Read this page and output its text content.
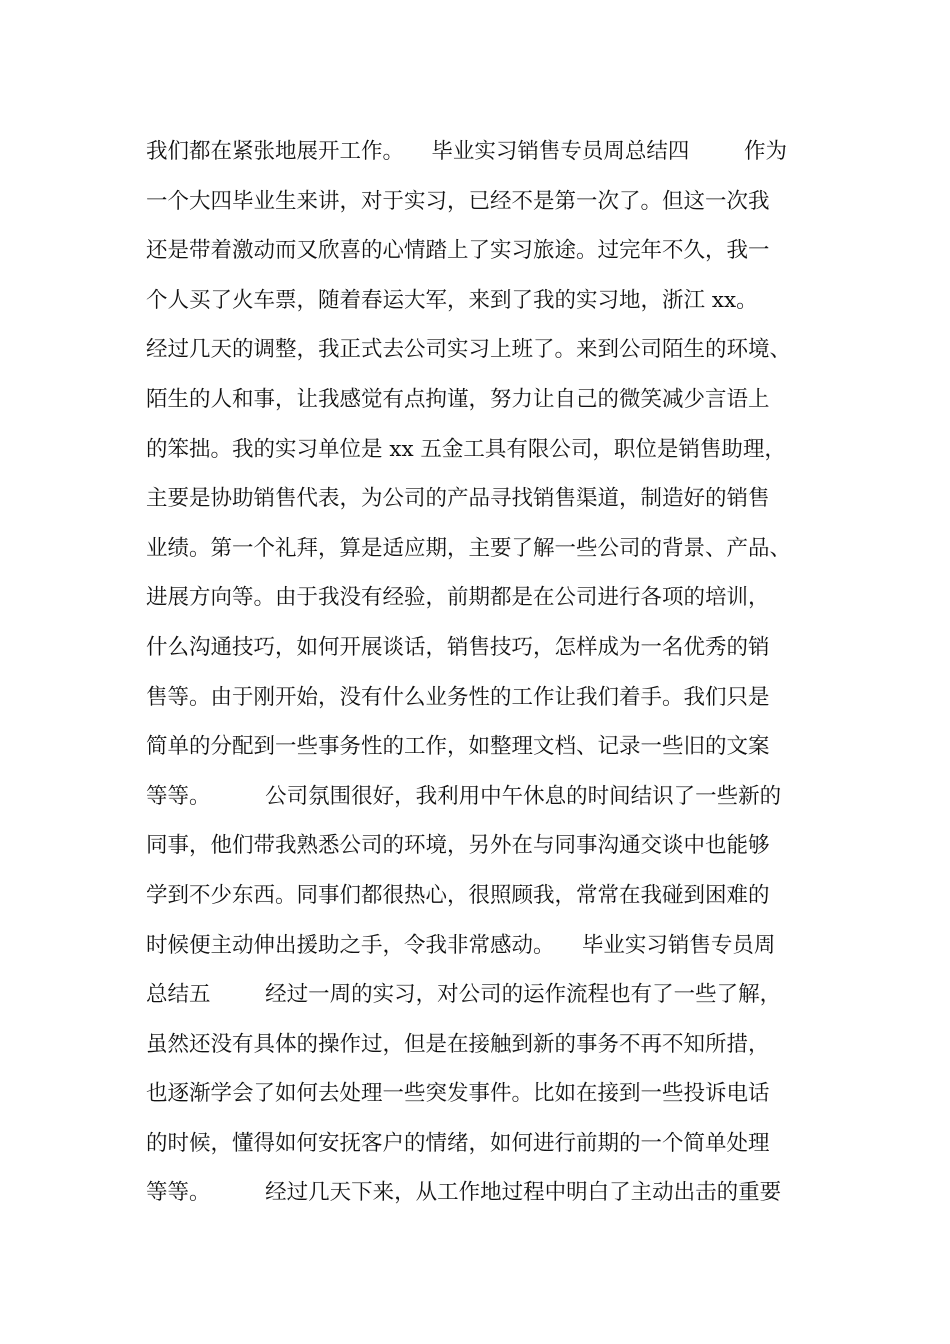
我们都在紧张地展开工作。    毕业实习销售专员周总结四        作为
一个大四毕业生来讲，对于实习，已经不是第一次了。但这一次我
还是带着激动而又欣喜的心情踏上了实习旅途。过完年不久，我一
个人买了火车票，随着春运大军，来到了我的实习地，浙江 xx。
经过几天的调整，我正式去公司实习上班了。来到公司陌生的环境、
陌生的人和事，让我感觉有点拘谨，努力让自己的微笑减少言语上
的笨拙。我的实习单位是 xx 五金工具有限公司，职位是销售助理，
主要是协助销售代表，为公司的产品寻找销售渠道，制造好的销售
业绩。第一个礼拜，算是适应期，主要了解一些公司的背景、产品、
进展方向等。由于我没有经验，前期都是在公司进行各项的培训，
什么沟通技巧，如何开展谈话，销售技巧，怎样成为一名优秀的销
售等。由于刚开始，没有什么业务性的工作让我们着手。我们只是
简单的分配到一些事务性的工作，如整理文档、记录一些旧的文案
等等。        公司氛围很好，我利用中午休息的时间结识了一些新的
同事，他们带我熟悉公司的环境，另外在与同事沟通交谈中也能够
学到不少东西。同事们都很热心，很照顾我，常常在我碰到困难的
时候便主动伸出援助之手，令我非常感动。    毕业实习销售专员周
总结五        经过一周的实习，对公司的运作流程也有了一些了解，
虽然还没有具体的操作过，但是在接触到新的事务不再不知所措，
也逐渐学会了如何去处理一些突发事件。比如在接到一些投诉电话
的时候，懂得如何安抚客户的情绪，如何进行前期的一个简单处理
等等。        经过几天下来，从工作地过程中明白了主动出击的重要
